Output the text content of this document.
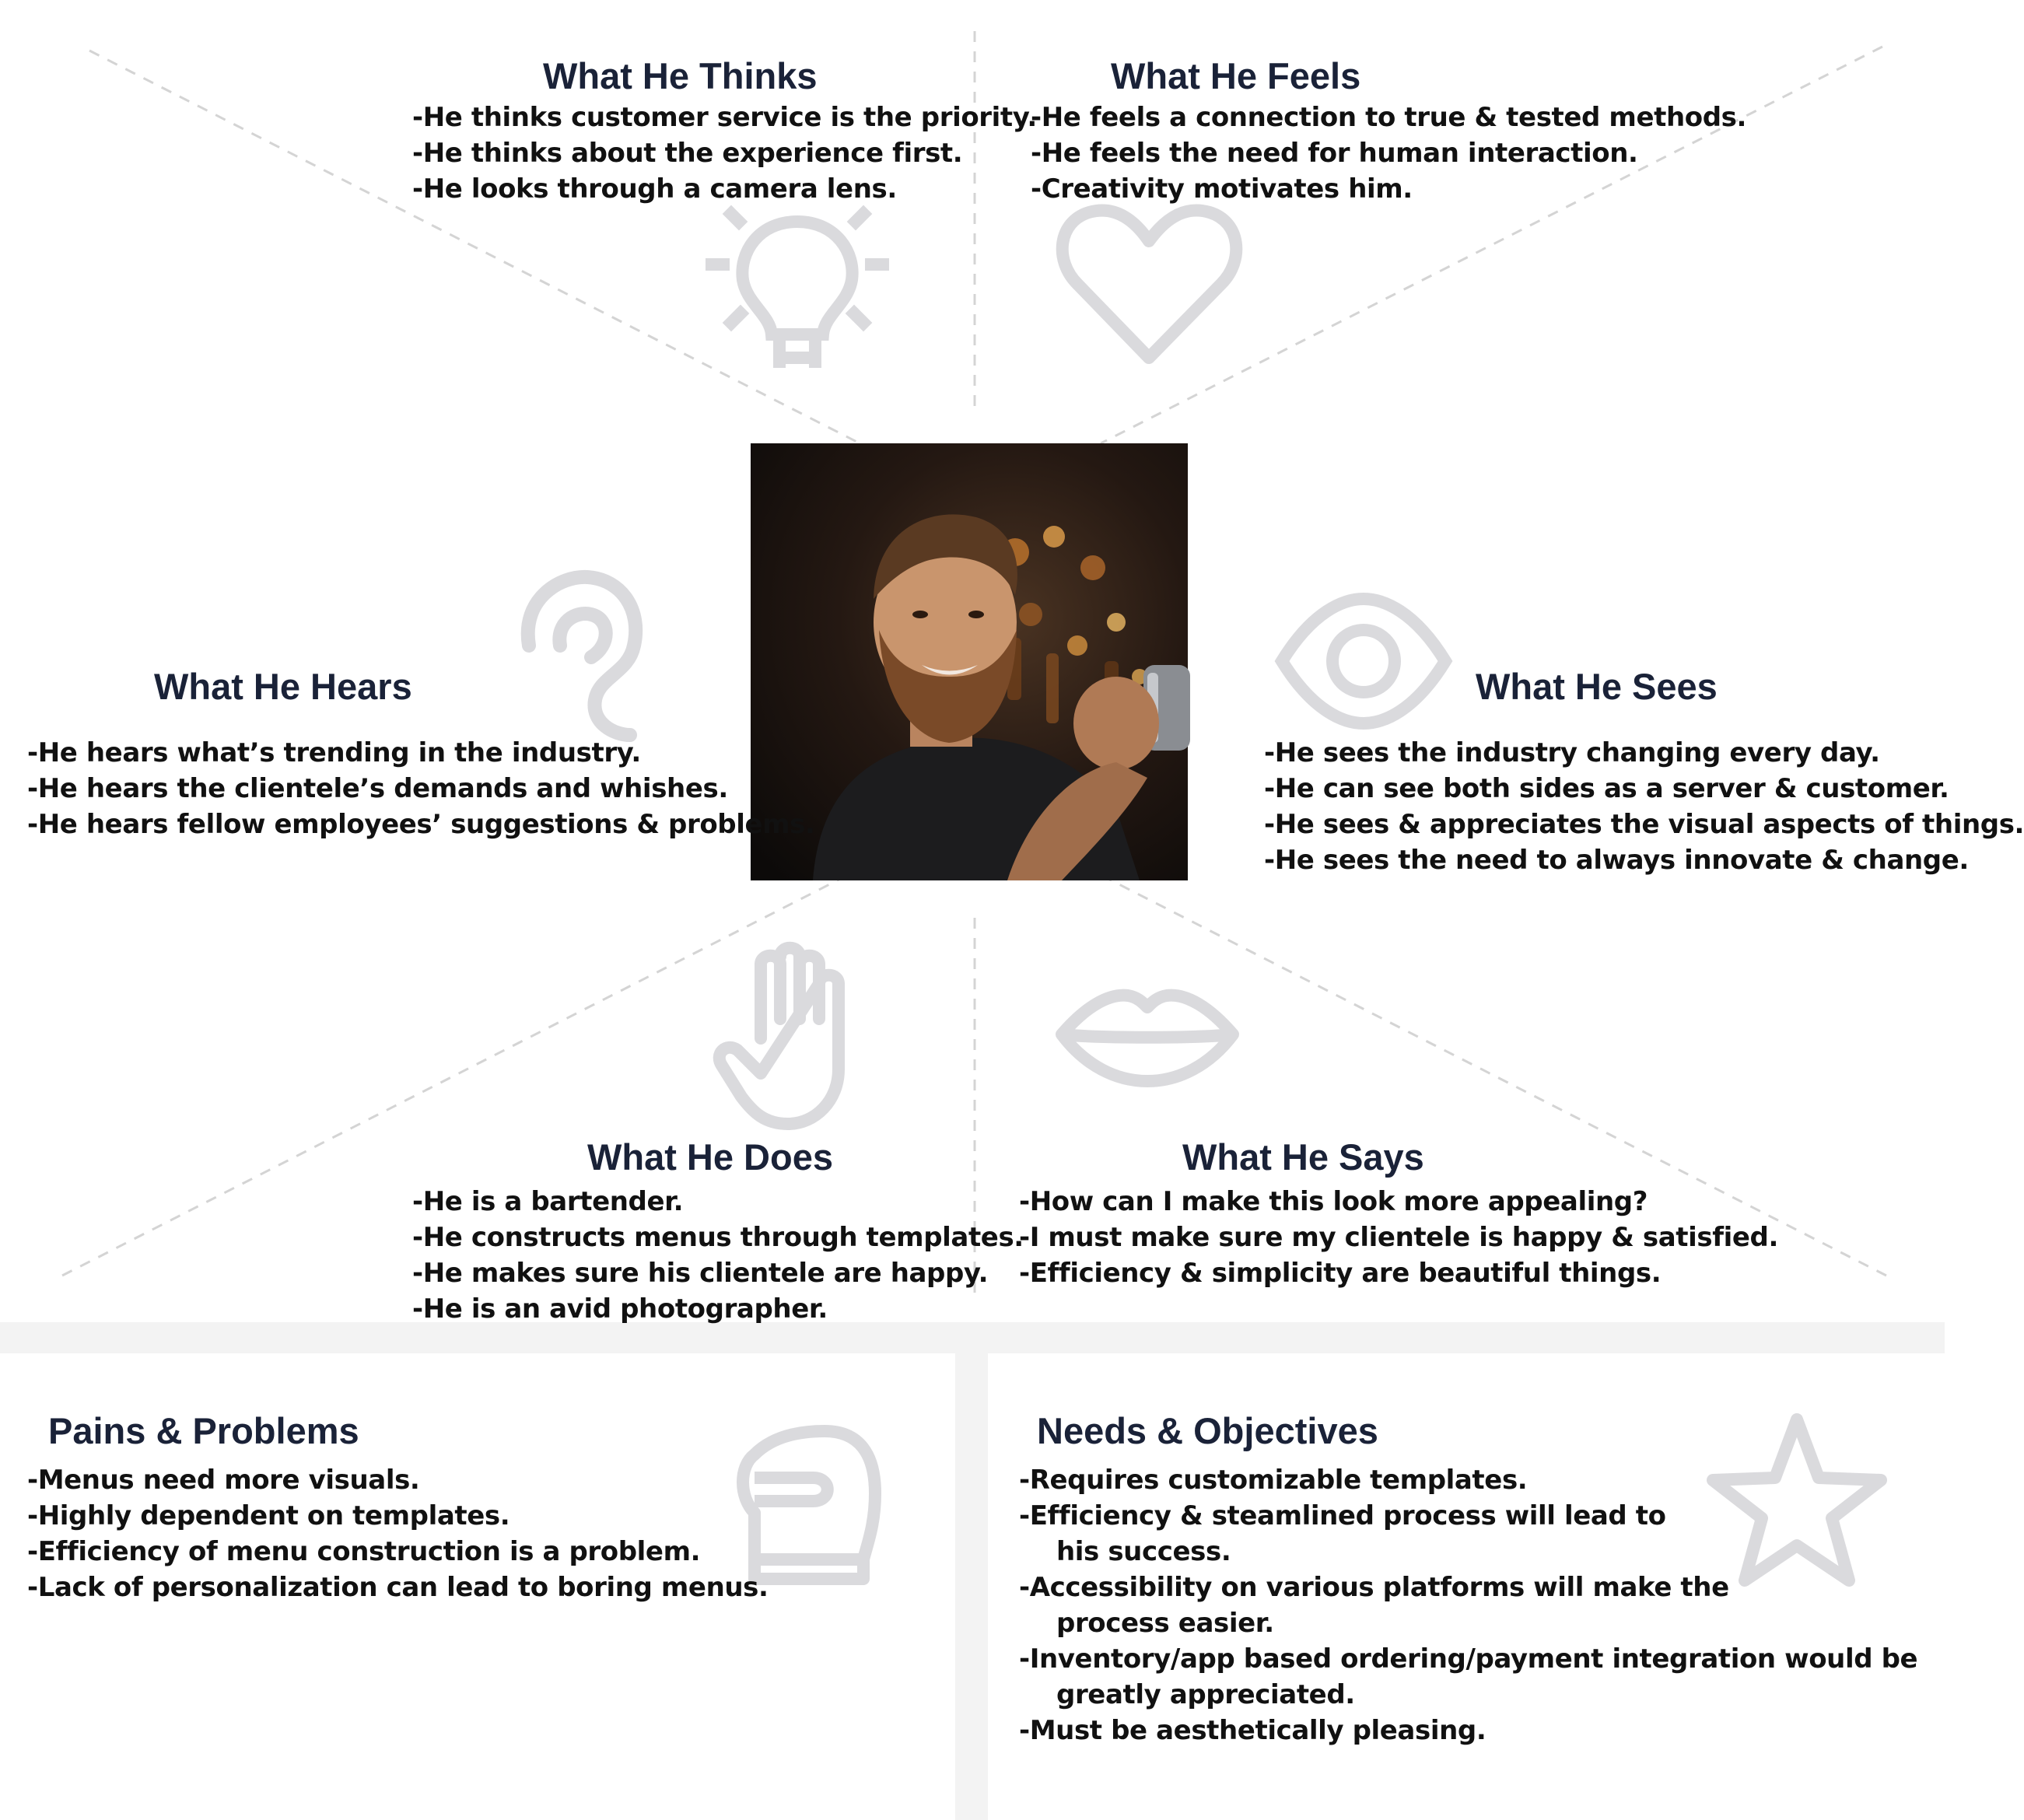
What He Thinks
-He thinks customer service is the priority.
-He thinks about the experience first.
-He looks through a camera lens.
What He Feels
-He feels a connection to true & tested methods.
-He feels the need for human interaction.
-Creativity motivates him.
What He Hears
-He hears what’s trending in the industry.
-He hears the clientele’s demands and whishes.
-He hears fellow employees’ suggestions & problems.
What He Sees
-He sees the industry changing every day.
-He can see both sides as a server & customer.
-He sees & appreciates the visual aspects of things.
-He sees the need to always innovate & change.
What He Does
-He is a bartender.
-He constructs menus through templates.
-He makes sure his clientele are happy.
-He is an avid photographer.
What He Says
-How can I make this look more appealing?
-I must make sure my clientele is happy & satisfied.
-Efficiency & simplicity are beautiful things.
Pains & Problems
-Menus need more visuals.
-Highly dependent on templates.
-Efficiency of menu construction is a problem.
-Lack of personalization can lead to boring menus.
Needs & Objectives
-Requires customizable templates.
-Efficiency & steamlined process will lead to
his success.
-Accessibility on various platforms will make the
process easier.
-Inventory/app based ordering/payment integration would be
greatly appreciated.
-Must be aesthetically pleasing.
